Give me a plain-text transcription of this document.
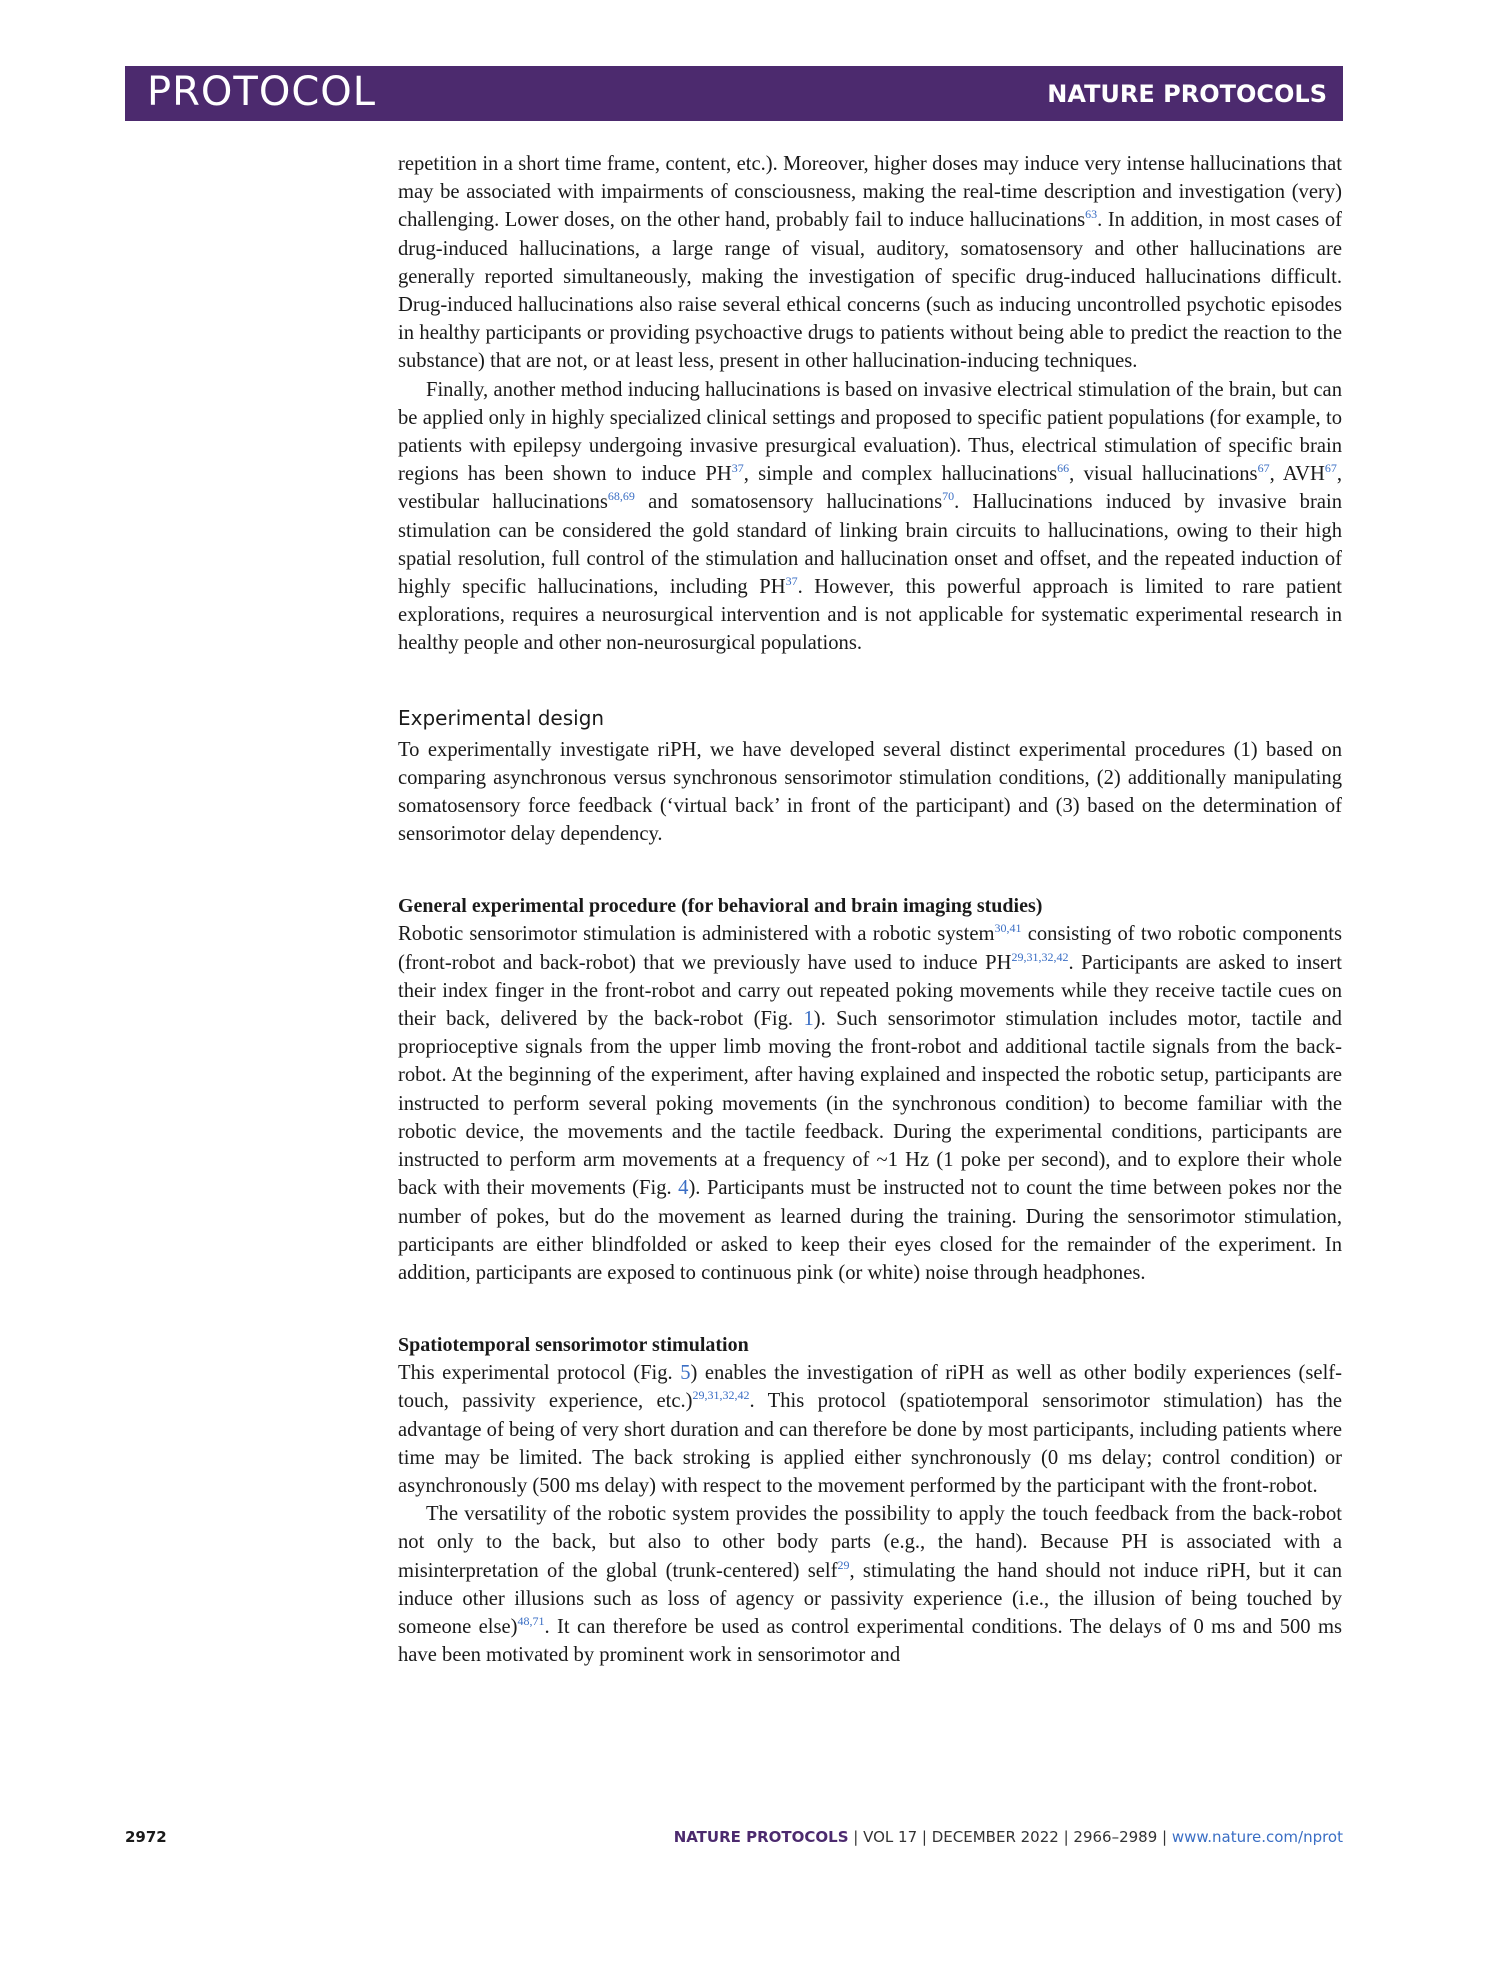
PROTOCOL	NATURE PROTOCOLS

repetition in a short time frame, content, etc.). Moreover, higher doses may induce very intense hallucinations that may be associated with impairments of consciousness, making the real-time description and investigation (very) challenging. Lower doses, on the other hand, probably fail to induce hallucinations$^{63}$. In addition, in most cases of drug-induced hallucinations, a large range of visual, auditory, somatosensory and other hallucinations are generally reported simultaneously, making the investigation of specific drug-induced hallucinations difficult. Drug-induced hallucinations also raise several ethical concerns (such as inducing uncontrolled psychotic episodes in healthy participants or providing psychoactive drugs to patients without being able to predict the reaction to the substance) that are not, or at least less, present in other hallucination-inducing techniques.

Finally, another method inducing hallucinations is based on invasive electrical stimulation of the brain, but can be applied only in highly specialized clinical settings and proposed to specific patient populations (for example, to patients with epilepsy undergoing invasive presurgical evaluation). Thus, electrical stimulation of specific brain regions has been shown to induce PH$^{37}$, simple and complex hallucinations$^{66}$, visual hallucinations$^{67}$, AVH$^{67}$, vestibular hallucinations$^{68,69}$ and somatosensory hallucinations$^{70}$. Hallucinations induced by invasive brain stimulation can be considered the gold standard of linking brain circuits to hallucinations, owing to their high spatial resolution, full control of the stimulation and hallucination onset and offset, and the repeated induction of highly specific hallucinations, including PH$^{37}$. However, this powerful approach is limited to rare patient explorations, requires a neurosurgical intervention and is not applicable for systematic experimental research in healthy people and other non-neurosurgical populations.

Experimental design

To experimentally investigate riPH, we have developed several distinct experimental procedures (1) based on comparing asynchronous versus synchronous sensorimotor stimulation conditions, (2) additionally manipulating somatosensory force feedback (‘virtual back’ in front of the participant) and (3) based on the determination of sensorimotor delay dependency.

General experimental procedure (for behavioral and brain imaging studies)

Robotic sensorimotor stimulation is administered with a robotic system$^{30,41}$ consisting of two robotic components (front-robot and back-robot) that we previously have used to induce PH$^{29,31,32,42}$. Participants are asked to insert their index finger in the front-robot and carry out repeated poking movements while they receive tactile cues on their back, delivered by the back-robot (Fig. 1). Such sensorimotor stimulation includes motor, tactile and proprioceptive signals from the upper limb moving the front-robot and additional tactile signals from the back-robot. At the beginning of the experiment, after having explained and inspected the robotic setup, participants are instructed to perform several poking movements (in the synchronous condition) to become familiar with the robotic device, the movements and the tactile feedback. During the experimental conditions, participants are instructed to perform arm movements at a frequency of ~1 Hz (1 poke per second), and to explore their whole back with their movements (Fig. 4). Participants must be instructed not to count the time between pokes nor the number of pokes, but do the movement as learned during the training. During the sensorimotor stimulation, participants are either blindfolded or asked to keep their eyes closed for the remainder of the experiment. In addition, participants are exposed to continuous pink (or white) noise through headphones.

Spatiotemporal sensorimotor stimulation

This experimental protocol (Fig. 5) enables the investigation of riPH as well as other bodily experiences (self-touch, passivity experience, etc.)$^{29,31,32,42}$. This protocol (spatiotemporal sensorimotor stimulation) has the advantage of being of very short duration and can therefore be done by most participants, including patients where time may be limited. The back stroking is applied either synchronously (0 ms delay; control condition) or asynchronously (500 ms delay) with respect to the movement performed by the participant with the front-robot.

The versatility of the robotic system provides the possibility to apply the touch feedback from the back-robot not only to the back, but also to other body parts (e.g., the hand). Because PH is associated with a misinterpretation of the global (trunk-centered) self$^{29}$, stimulating the hand should not induce riPH, but it can induce other illusions such as loss of agency or passivity experience (i.e., the illusion of being touched by someone else)$^{48,71}$. It can therefore be used as control experimental conditions. The delays of 0 ms and 500 ms have been motivated by prominent work in sensorimotor and

2972	NATURE PROTOCOLS | VOL 17 | DECEMBER 2022 | 2966–2989 | www.nature.com/nprot
